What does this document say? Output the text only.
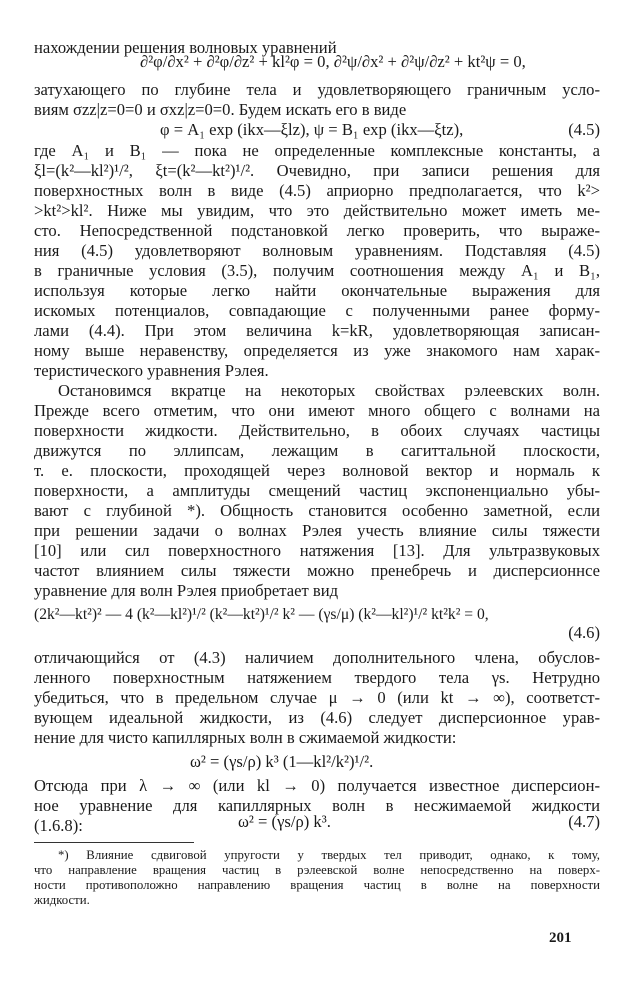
нахождении решения волновых уравнений
∂²φ/∂x² + ∂²φ/∂z² + kl²φ = 0, ∂²ψ/∂x² + ∂²ψ/∂z² + kt²ψ = 0,
затухающего по глубине тела и удовлетворяющего граничным усло-
виям σzz|z=0=0 и σxz|z=0=0. Будем искать его в виде
φ = A₁ exp (ikx—ξlz), ψ = B₁ exp (ikx—ξtz),	(4.5)
где A₁ и B₁ — пока не определенные комплексные константы, а
ξl=(k²—kl²)¹/², ξt=(k²—kt²)¹/². Очевидно, при записи решения для
поверхностных волн в виде (4.5) априорно предполагается, что k²>
>kt²>kl². Ниже мы увидим, что это действительно может иметь ме-
сто. Непосредственной подстановкой легко проверить, что выраже-
ния (4.5) удовлетворяют волновым уравнениям. Подставляя (4.5)
в граничные условия (3.5), получим соотношения между A₁ и B₁,
используя которые легко найти окончательные выражения для
искомых потенциалов, совпадающие с полученными ранее форму-
лами (4.4). При этом величина k=kR, удовлетворяющая записан-
ному выше неравенству, определяется из уже знакомого нам харак-
теристического уравнения Рэлея.
Остановимся вкратце на некоторых свойствах рэлеевских волн.
Прежде всего отметим, что они имеют много общего с волнами на
поверхности жидкости. Действительно, в обоих случаях частицы
движутся по эллипсам, лежащим в сагиттальной плоскости,
т. е. плоскости, проходящей через волновой вектор и нормаль к
поверхности, а амплитуды смещений частиц экспоненциально убы-
вают с глубиной *). Общность становится особенно заметной, если
при решении задачи о волнах Рэлея учесть влияние силы тяжести
[10] или сил поверхностного натяжения [13]. Для ультразвуковых
частот влиянием силы тяжести можно пренебречь и дисперсионнсе
уравнение для волн Рэлея приобретает вид
(2k²—kt²)² — 4 (k²—kl²)¹/² (k²—kt²)¹/² k² — (γs/μ) (k²—kl²)¹/² kt²k² = 0,
(4.6)
отличающийся от (4.3) наличием дополнительного члена, обуслов-
ленного поверхностным натяжением твердого тела γs. Нетрудно
убедиться, что в предельном случае μ → 0 (или kt → ∞), соответст-
вующем идеальной жидкости, из (4.6) следует дисперсионное урав-
нение для чисто капиллярных волн в сжимаемой жидкости:
ω² = (γs/ρ) k³ (1—kl²/k²)¹/².
*) Влияние сдвиговой упругости у твердых тел приводит, однако, к тому,
что направление вращения частиц в рэлеевской волне непосредственно на поверх-
ности противоположно направлению вращения частиц в волне на поверхности
жидкости.
201
Отсюда при λ → ∞ (или kl → 0) получается известное дисперсион-
ное уравнение для капиллярных волн в несжимаемой жидкости
(1.6.8):	ω² = (γs/ρ) k³.	(4.7)
